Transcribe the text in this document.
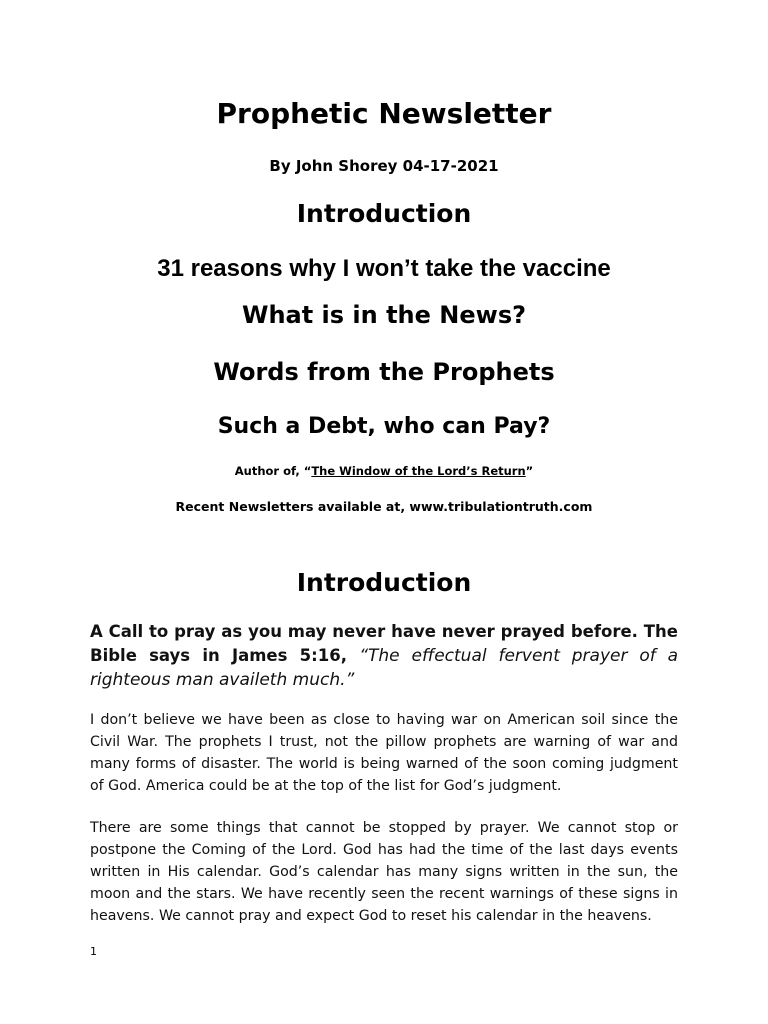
Prophetic Newsletter
By John Shorey 04-17-2021
Introduction
31 reasons why I won’t take the vaccine
What is in the News?
Words from the Prophets
Such a Debt, who can Pay?
Author of, “The Window of the Lord’s Return”
Recent Newsletters available at, www.tribulationtruth.com
Introduction
A Call to pray as you may never have never prayed before. The Bible says in James 5:16, “The effectual fervent prayer of a righteous man availeth much.”
I don’t believe we have been as close to having war on American soil since the Civil War. The prophets I trust, not the pillow prophets are warning of war and many forms of disaster. The world is being warned of the soon coming judgment of God. America could be at the top of the list for God’s judgment.
There are some things that cannot be stopped by prayer. We cannot stop or postpone the Coming of the Lord. God has had the time of the last days events written in His calendar. God’s calendar has many signs written in the sun, the moon and the stars. We have recently seen the recent warnings of these signs in heavens. We cannot pray and expect God to reset his calendar in the heavens.
1
